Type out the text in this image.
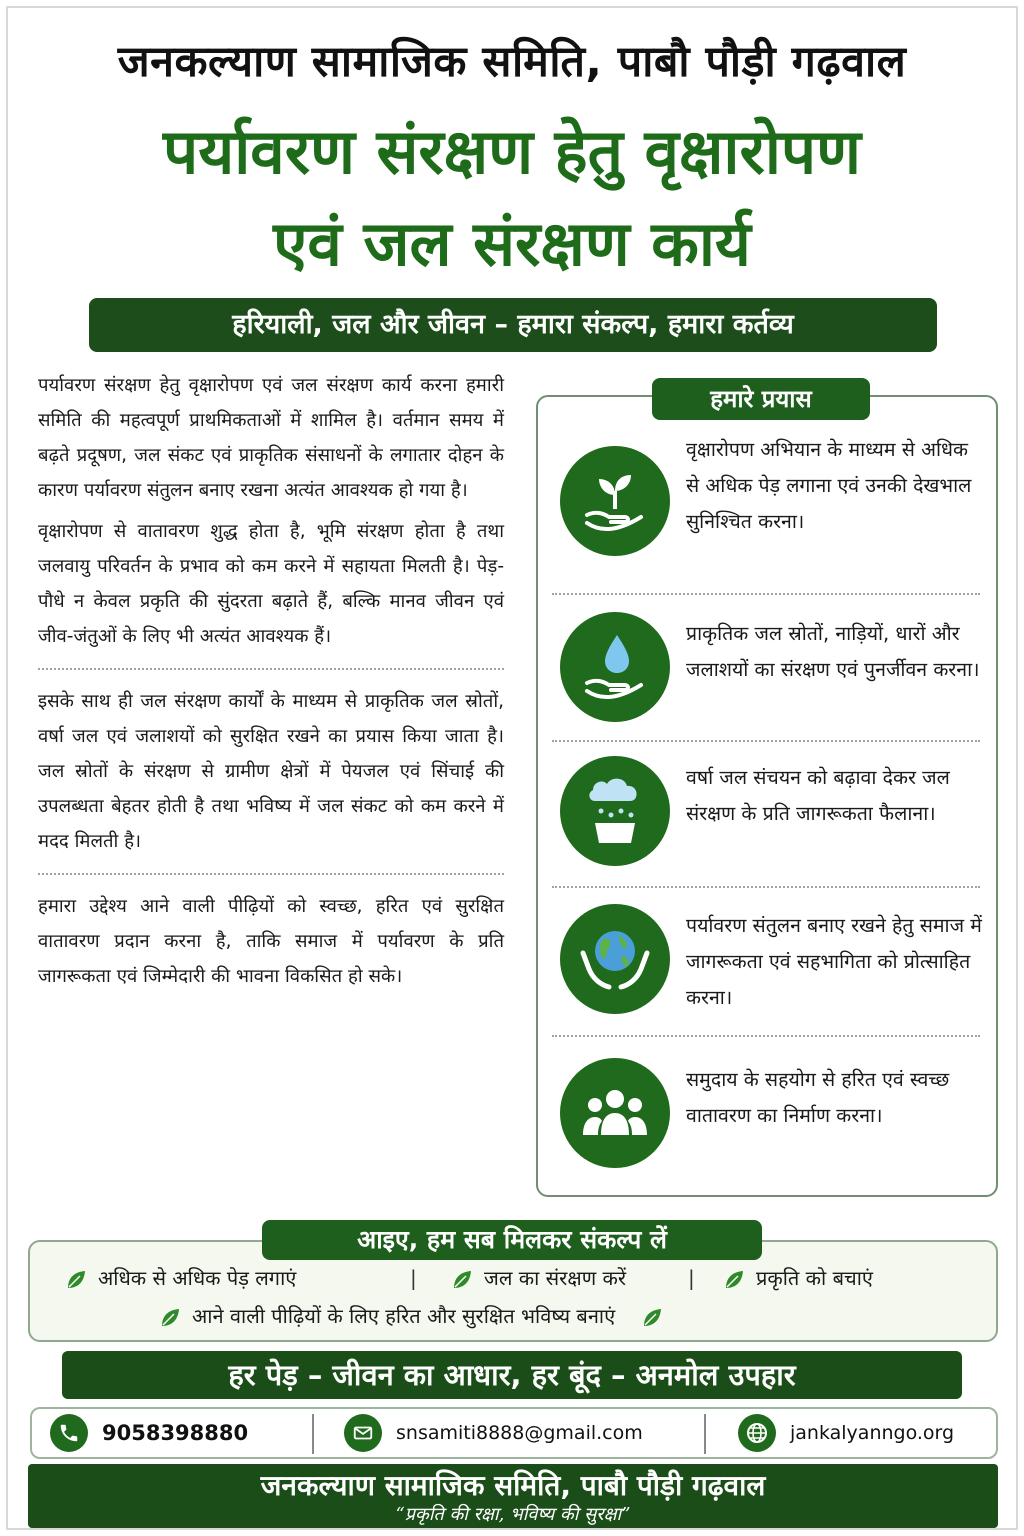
जनकल्याण सामाजिक समिति, पाबौ पौड़ी गढ़वाल
पर्यावरण संरक्षण हेतु वृक्षारोपण
एवं जल संरक्षण कार्य
हरियाली, जल और जीवन – हमारा संकल्प, हमारा कर्तव्य

पर्यावरण संरक्षण हेतु वृक्षारोपण एवं जल संरक्षण कार्य करना हमारी समिति की महत्वपूर्ण प्राथमिकताओं में शामिल है। वर्तमान समय में बढ़ते प्रदूषण, जल संकट एवं प्राकृतिक संसाधनों के लगातार दोहन के कारण पर्यावरण संतुलन बनाए रखना अत्यंत आवश्यक हो गया है।

वृक्षारोपण से वातावरण शुद्ध होता है, भूमि संरक्षण होता है तथा जलवायु परिवर्तन के प्रभाव को कम करने में सहायता मिलती है। पेड़-पौधे न केवल प्रकृति की सुंदरता बढ़ाते हैं, बल्कि मानव जीवन एवं जीव-जंतुओं के लिए भी अत्यंत आवश्यक हैं।

इसके साथ ही जल संरक्षण कार्यों के माध्यम से प्राकृतिक जल स्रोतों, वर्षा जल एवं जलाशयों को सुरक्षित रखने का प्रयास किया जाता है। जल स्रोतों के संरक्षण से ग्रामीण क्षेत्रों में पेयजल एवं सिंचाई की उपलब्धता बेहतर होती है तथा भविष्य में जल संकट को कम करने में मदद मिलती है।

हमारा उद्देश्य आने वाली पीढ़ियों को स्वच्छ, हरित एवं सुरक्षित वातावरण प्रदान करना है, ताकि समाज में पर्यावरण के प्रति जागरूकता एवं जिम्मेदारी की भावना विकसित हो सके।

हमारे प्रयास
वृक्षारोपण अभियान के माध्यम से अधिक से अधिक पेड़ लगाना एवं उनकी देखभाल सुनिश्चित करना।
प्राकृतिक जल स्रोतों, नाड़ियों, धारों और जलाशयों का संरक्षण एवं पुनर्जीवन करना।
वर्षा जल संचयन को बढ़ावा देकर जल संरक्षण के प्रति जागरूकता फैलाना।
पर्यावरण संतुलन बनाए रखने हेतु समाज में जागरूकता एवं सहभागिता को प्रोत्साहित करना।
समुदाय के सहयोग से हरित एवं स्वच्छ वातावरण का निर्माण करना।
आइए, हम सब मिलकर संकल्प लें
अधिक से अधिक पेड़ लगाएं	|	जल का संरक्षण करें	|	प्रकृति को बचाएं
आने वाली पीढ़ियों के लिए हरित और सुरक्षित भविष्य बनाएं
हर पेड़ – जीवन का आधार, हर बूंद – अनमोल उपहार
9058398880	snsamiti8888@gmail.com	jankalyanngo.org
जनकल्याण सामाजिक समिति, पाबौ पौड़ी गढ़वाल
“प्रकृति की रक्षा, भविष्य की सुरक्षा”
